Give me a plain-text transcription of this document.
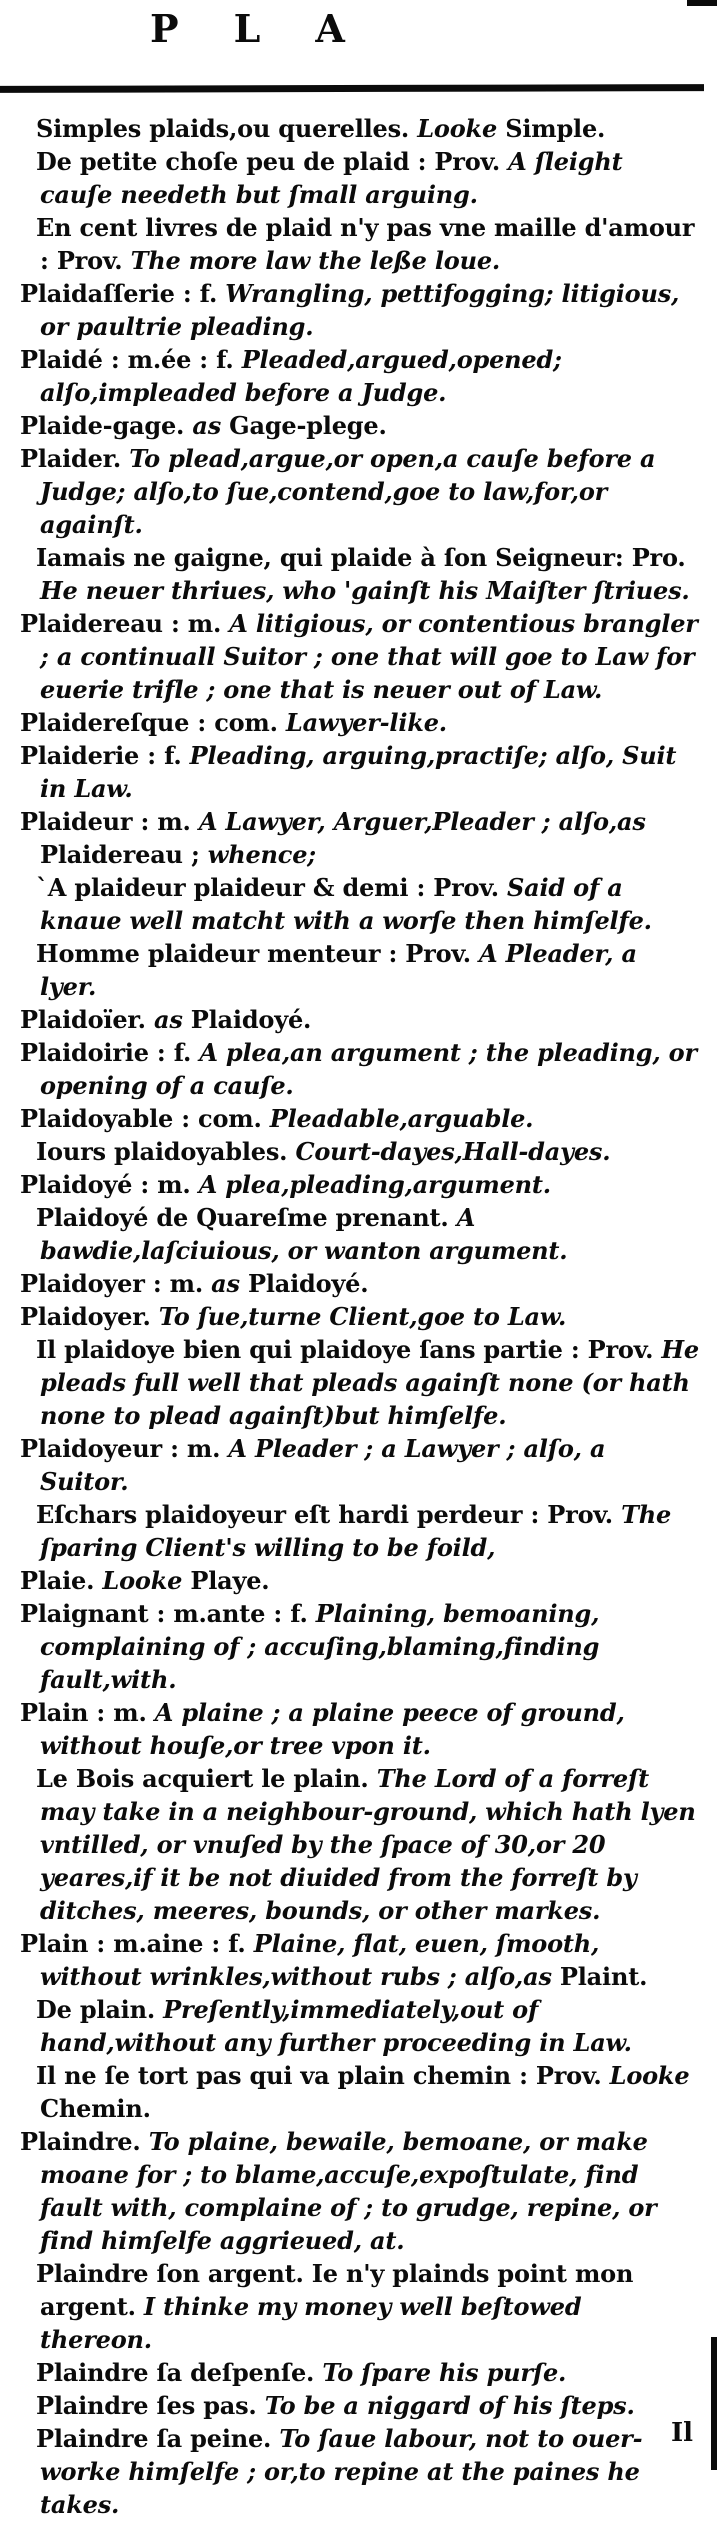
P L A

Simples plaids,ou querelles. Looke Simple.

De petite choſe peu de plaid : Prov. A ſleight cauſe needeth but ſmall arguing.

En cent livres de plaid n'y pas vne maille d'amour : Prov. The more law the leße loue.

Plaidaſſerie : f. Wrangling, pettifogging; litigious, or paultrie pleading.

Plaidé : m.ée : f. Pleaded,argued,opened; alſo,impleaded before a Judge.

Plaide-gage. as Gage-plege.

Plaider. To plead,argue,or open,a cauſe before a Judge; alſo,to ſue,contend,goe to law,for,or againſt.

Iamais ne gaigne, qui plaide à ſon Seigneur: Pro. He neuer thriues, who 'gainſt his Maiſter ſtriues.

Plaidereau : m. A litigious, or contentious brangler ; a continuall Suitor ; one that will goe to Law for euerie trifle ; one that is neuer out of Law.

Plaidereſque : com. Lawyer-like.

Plaiderie : f. Pleading, arguing,practiſe; alſo, Suit in Law.

Plaideur : m. A Lawyer, Arguer,Pleader ; alſo,as Plaidereau ; whence;

`A plaideur plaideur & demi : Prov. Said of a knaue well matcht with a worſe then himſelfe.

Homme plaideur menteur : Prov. A Pleader, a lyer.

Plaidoïer. as Plaidoyé.

Plaidoirie : f. A plea,an argument ; the pleading, or opening of a cauſe.

Plaidoyable : com. Pleadable,arguable.

Iours plaidoyables. Court-dayes,Hall-dayes.

Plaidoyé : m. A plea,pleading,argument.

Plaidoyé de Quareſme prenant. A bawdie,laſciuious, or wanton argument.

Plaidoyer : m. as Plaidoyé.

Plaidoyer. To ſue,turne Client,goe to Law.

Il plaidoye bien qui plaidoye ſans partie : Prov. He pleads full well that pleads againſt none (or hath none to plead againſt)but himſelfe.

Plaidoyeur : m. A Pleader ; a Lawyer ; alſo, a Suitor.

Eſchars plaidoyeur eſt hardi perdeur : Prov. The ſparing Client's willing to be foild,

Plaie. Looke Playe.

Plaignant : m.ante : f. Plaining, bemoaning, complaining of ; accuſing,blaming,finding fault,with.

Plain : m. A plaine ; a plaine peece of ground, without houſe,or tree vpon it.

Le Bois acquiert le plain. The Lord of a forreſt may take in a neighbour-ground, which hath lyen vntilled, or vnuſed by the ſpace of 30,or 20 yeares,if it be not diuided from the forreſt by ditches, meeres, bounds, or other markes.

Plain : m.aine : f. Plaine, flat, euen, ſmooth, without wrinkles,without rubs ; alſo,as Plaint.

De plain. Preſently,immediately,out of hand,without any further proceeding in Law.

Il ne ſe tort pas qui va plain chemin : Prov. Looke Chemin.

Plaindre. To plaine, bewaile, bemoane, or make moane for ; to blame,accuſe,expoſtulate, find fault with, complaine of ; to grudge, repine, or find himſelfe aggrieued, at.

Plaindre ſon argent. Ie n'y plainds point mon argent. I thinke my money well beſtowed thereon.

Plaindre ſa deſpenſe. To ſpare his purſe.

Plaindre ſes pas. To be a niggard of his ſteps.

Plaindre ſa peine. To ſaue labour, not to ouer-worke himſelfe ; or,to repine at the paines he takes.

Il
